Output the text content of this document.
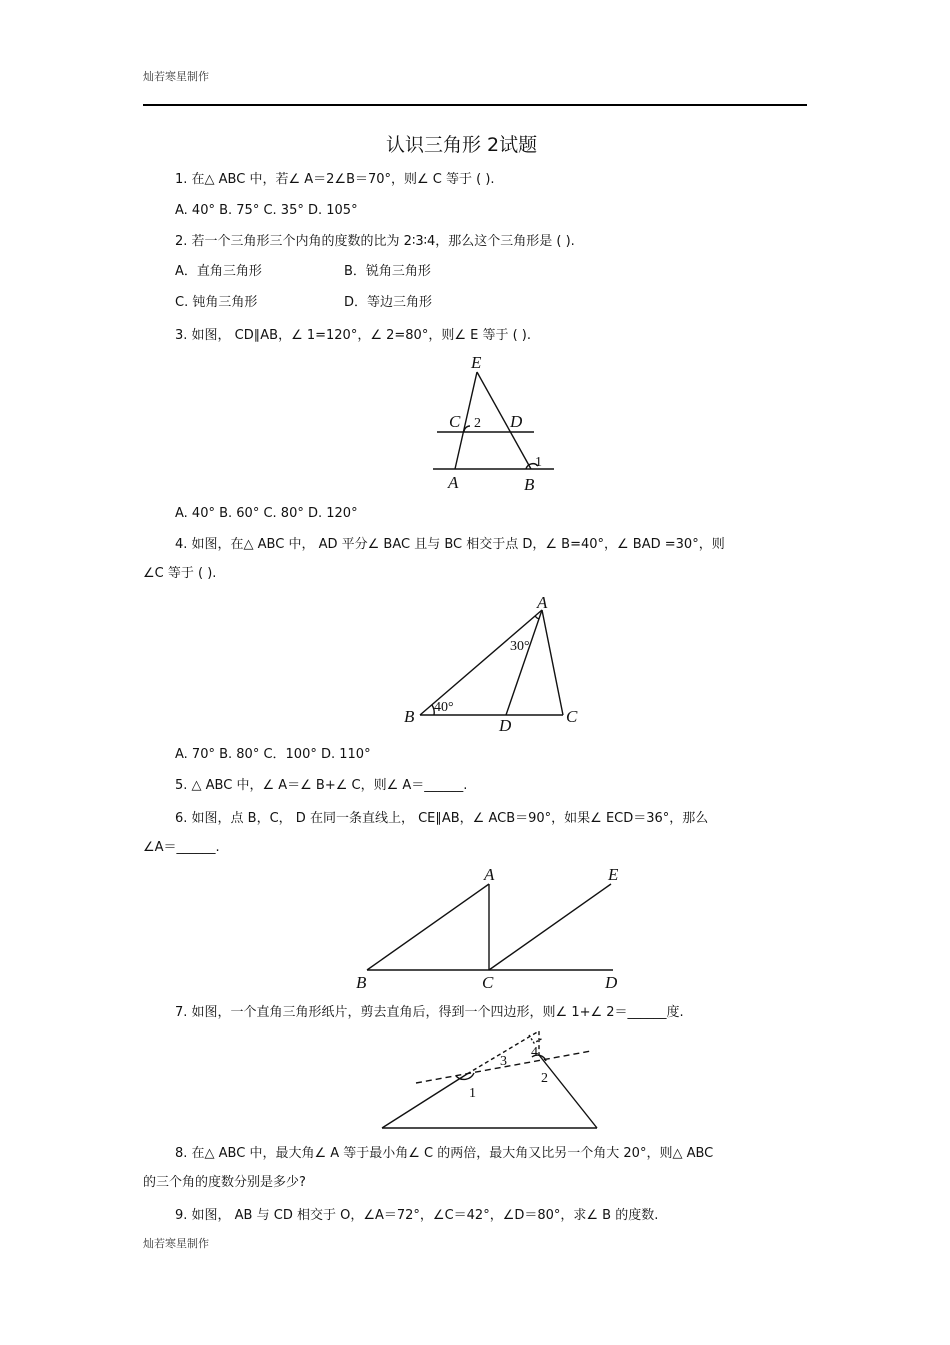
灿若寒星制作
认识三角形 2试题
1. 在△ ABC 中，若∠ A＝2∠B＝70°，则∠ C 等于 ( ).
A. 40° B. 75° C. 35° D. 105°
2. 若一个三角形三个内角的度数的比为 2∶3∶4，那么这个三角形是 ( ).
A．直角三角形	B．锐角三角形
C. 钝角三角形	D．等边三角形
3. 如图， CD∥AB，∠ 1=120°，∠ 2=80°，则∠ E 等于 ( ).
E
C 2 D
1
A	B
A. 40° B. 60° C. 80° D. 120°
4. 如图，在△ ABC 中， AD 平分∠ BAC 且与 BC 相交于点 D，∠ B=40°，∠ BAD =30°，则
∠C 等于 ( ).
A
B	D	C
40°
30°
A. 70° B. 80° C．100° D. 110°
5. △ ABC 中，∠ A＝∠ B+∠ C，则∠ A＝______.
6. 如图，点 B，C， D 在同一条直线上， CE∥AB，∠ ACB＝90°，如果∠ ECD＝36°，那么
∠A＝______.
A	E
B	C	D
7. 如图，一个直角三角形纸片，剪去直角后，得到一个四边形，则∠ 1+∠ 2＝______度.
1
2
3
4
8. 在△ ABC 中，最大角∠ A 等于最小角∠ C 的两倍，最大角又比另一个角大 20°，则△ ABC
的三个角的度数分别是多少?
9. 如图， AB 与 CD 相交于 O，∠A＝72°，∠C＝42°，∠D＝80°，求∠ B 的度数.
灿若寒星制作
